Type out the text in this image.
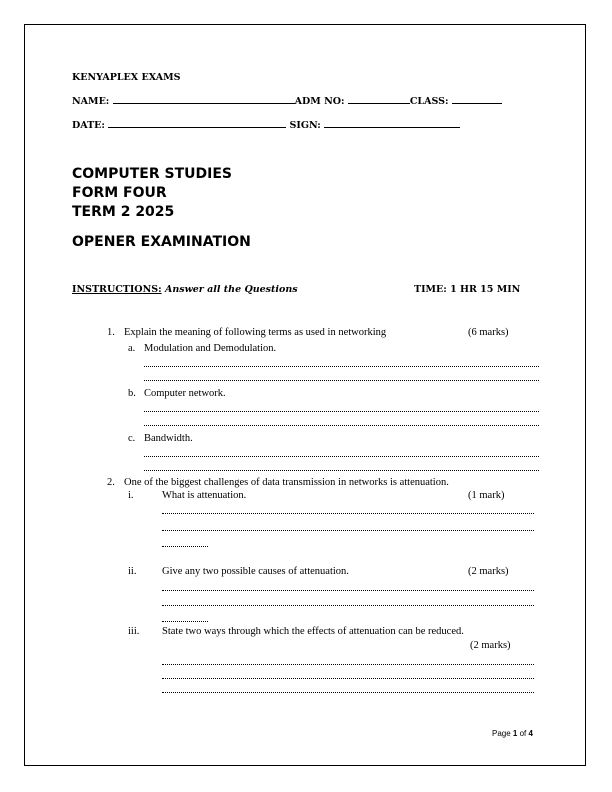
KENYAPLEX EXAMS
NAME:	ADM NO:	CLASS:
DATE:	SIGN:
COMPUTER STUDIES
FORM FOUR
TERM 2 2025
OPENER EXAMINATION
INSTRUCTIONS: Answer all the Questions	TIME: 1 HR 15 MIN
1. Explain the meaning of following terms as used in networking	(6 marks)
a. Modulation and Demodulation.
b. Computer network.
c. Bandwidth.
2. One of the biggest challenges of data transmission in networks is attenuation.
i.	What is attenuation.	(1 mark)
ii. Give any two possible causes of attenuation.	(2 marks)
iii. State two ways through which the effects of attenuation can be reduced.
(2 marks)
Page 1 of 4
